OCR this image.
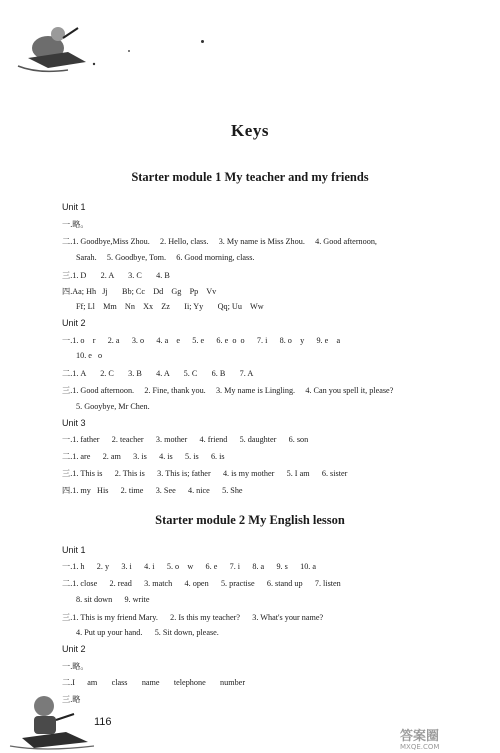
Keys
Starter module 1 My teacher and my friends
Unit 1
一.略。
二.1. Goodbye,Miss Zhou.     2. Hello, class.     3. My name is Miss Zhou.     4. Good afternoon,
Sarah.     5. Goodbye, Tom.     6. Good morning, class.
三.1. D       2. A       3. C       4. B
四.Aa; Hh   Jj       Bb; Cc    Dd    Gg    Pp    Vv
Ff; Ll    Mm    Nn    Xx    Zz       Ii; Yy       Qq; Uu    Ww
Unit 2
一.1. o    r      2. a      3. o      4. a    e      5. e      6. e  o  o      7. i      8. o    y      9. e    a
10. e   o
二.1. A       2. C       3. B       4. A       5. C       6. B       7. A
三.1. Good afternoon.     2. Fine, thank you.     3. My name is Lingling.     4. Can you spell it, please?
5. Gooybye, Mr Chen.
Unit 3
一.1. father      2. teacher      3. mother      4. friend      5. daughter      6. son
二.1. are      2. am      3. is      4. is      5. is      6. is
三.1. This is      2. This is      3. This is; father      4. is my mother      5. I am      6. sister
四.1. my   His      2. time      3. See      4. nice      5. She
Starter module 2 My English lesson
Unit 1
一.1. h      2. y      3. i      4. i      5. o    w      6. e      7. i      8. a      9. s      10. a
二.1. close      2. read      3. match      4. open      5. practise      6. stand up      7. listen
8. sit down      9. write
三.1. This is my friend Mary.      2. Is this my teacher?      3. What's your name?
4. Put up your hand.      5. Sit down, please.
Unit 2
一.略。
二.I      am       class       name       telephone       number
三.略
116
答案圈
MXQE.COM
